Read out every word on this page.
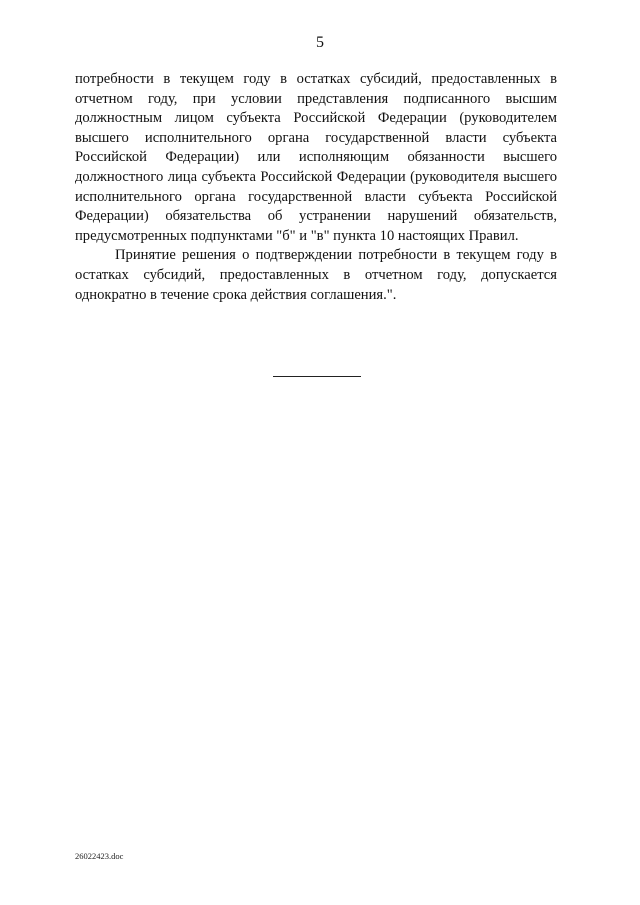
5

потребности в текущем году в остатках субсидий, предоставленных в отчетном году, при условии представления подписанного высшим должностным лицом субъекта Российской Федерации (руководителем высшего исполнительного органа государственной власти субъекта Российской Федерации) или исполняющим обязанности высшего должностного лица субъекта Российской Федерации (руководителя высшего исполнительного органа государственной власти субъекта Российской Федерации) обязательства об устранении нарушений обязательств, предусмотренных подпунктами "б" и "в" пункта 10 настоящих Правил.

Принятие решения о подтверждении потребности в текущем году в остатках субсидий, предоставленных в отчетном году, допускается однократно в течение срока действия соглашения.".

26022423.doc
